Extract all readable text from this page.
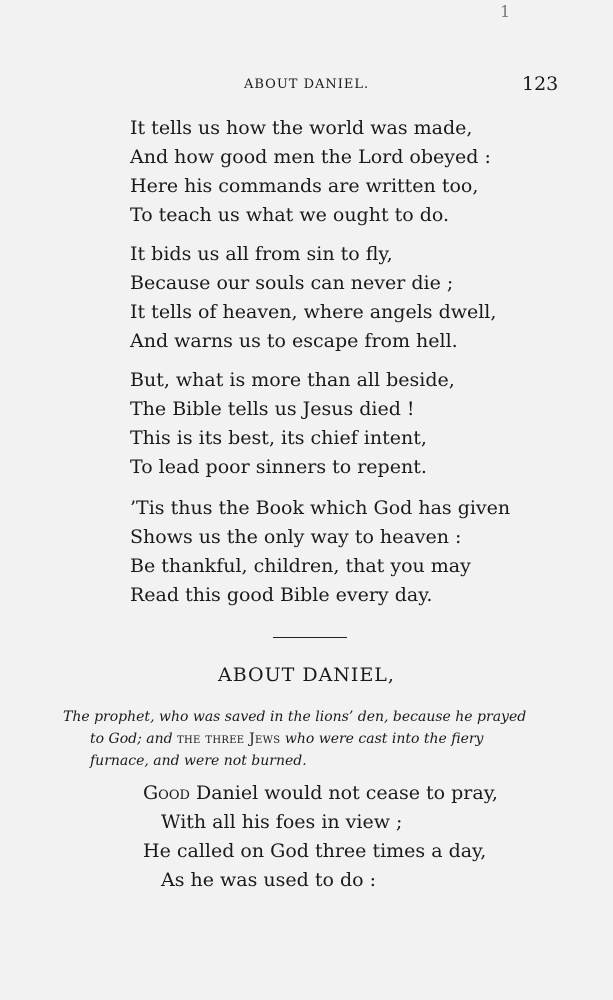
1
ABOUT DANIEL.	123
It tells us how the world was made,
And how good men the Lord obeyed :
Here his commands are written too,
To teach us what we ought to do.
It bids us all from sin to fly,
Because our souls can never die ;
It tells of heaven, where angels dwell,
And warns us to escape from hell.
But, what is more than all beside,
The Bible tells us Jesus died !
This is its best, its chief intent,
To lead poor sinners to repent.
’Tis thus the Book which God has given
Shows us the only way to heaven :
Be thankful, children, that you may
Read this good Bible every day.
ABOUT DANIEL,
The prophet, who was saved in the lions’ den, because he prayed
to God; and the three Jews who were cast into the fiery
furnace, and were not burned.
Good Daniel would not cease to pray,
With all his foes in view ;
He called on God three times a day,
As he was used to do :
